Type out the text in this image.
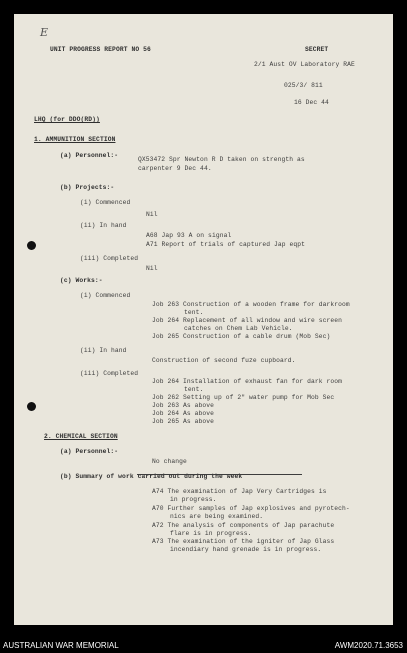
E
UNIT PROGRESS REPORT NO 56	SECRET
2/1 Aust OV Laboratory RAE
025/3/ 811
16 Dec 44
LHQ (for DDO(RD))
1. AMMUNITION SECTION
(a) Personnel:-
QX53472 Spr Newton R D taken on strength as
carpenter 9 Dec 44.
(b) Projects:-
(i) Commenced
Nil
(ii) In hand
A68 Jap 93 A on signal
A71 Report of trials of captured Jap eqpt
(iii) Completed
Nil
(c) Works:-
(i) Commenced
Job 263 Construction of a wooden frame for darkroom
tent.
Job 264 Replacement of all window and wire screen
catches on Chem Lab Vehicle.
Job 265 Construction of a cable drum (Mob Sec)
(ii) In hand
Construction of second fuze cupboard.
(iii) Completed
Job 264 Installation of exhaust fan for dark room
tent.
Job 262 Setting up of 2" water pump for Mob Sec
Job 263 As above
Job 264 As above
Job 265 As above
2. CHEMICAL SECTION
(a) Personnel:-
No change
(b) Summary of work carried out during the week
A74 The examination of Jap Very Cartridges is
in progress.
A70 Further samples of Jap explosives and pyrotech-
nics are being examined.
A72 The analysis of components of Jap parachute
flare is in progress.
A73 The examination of the igniter of Jap Glass
incendiary hand grenade is in progress.
AUSTRALIAN WAR MEMORIAL	AWM2020.71.3653
